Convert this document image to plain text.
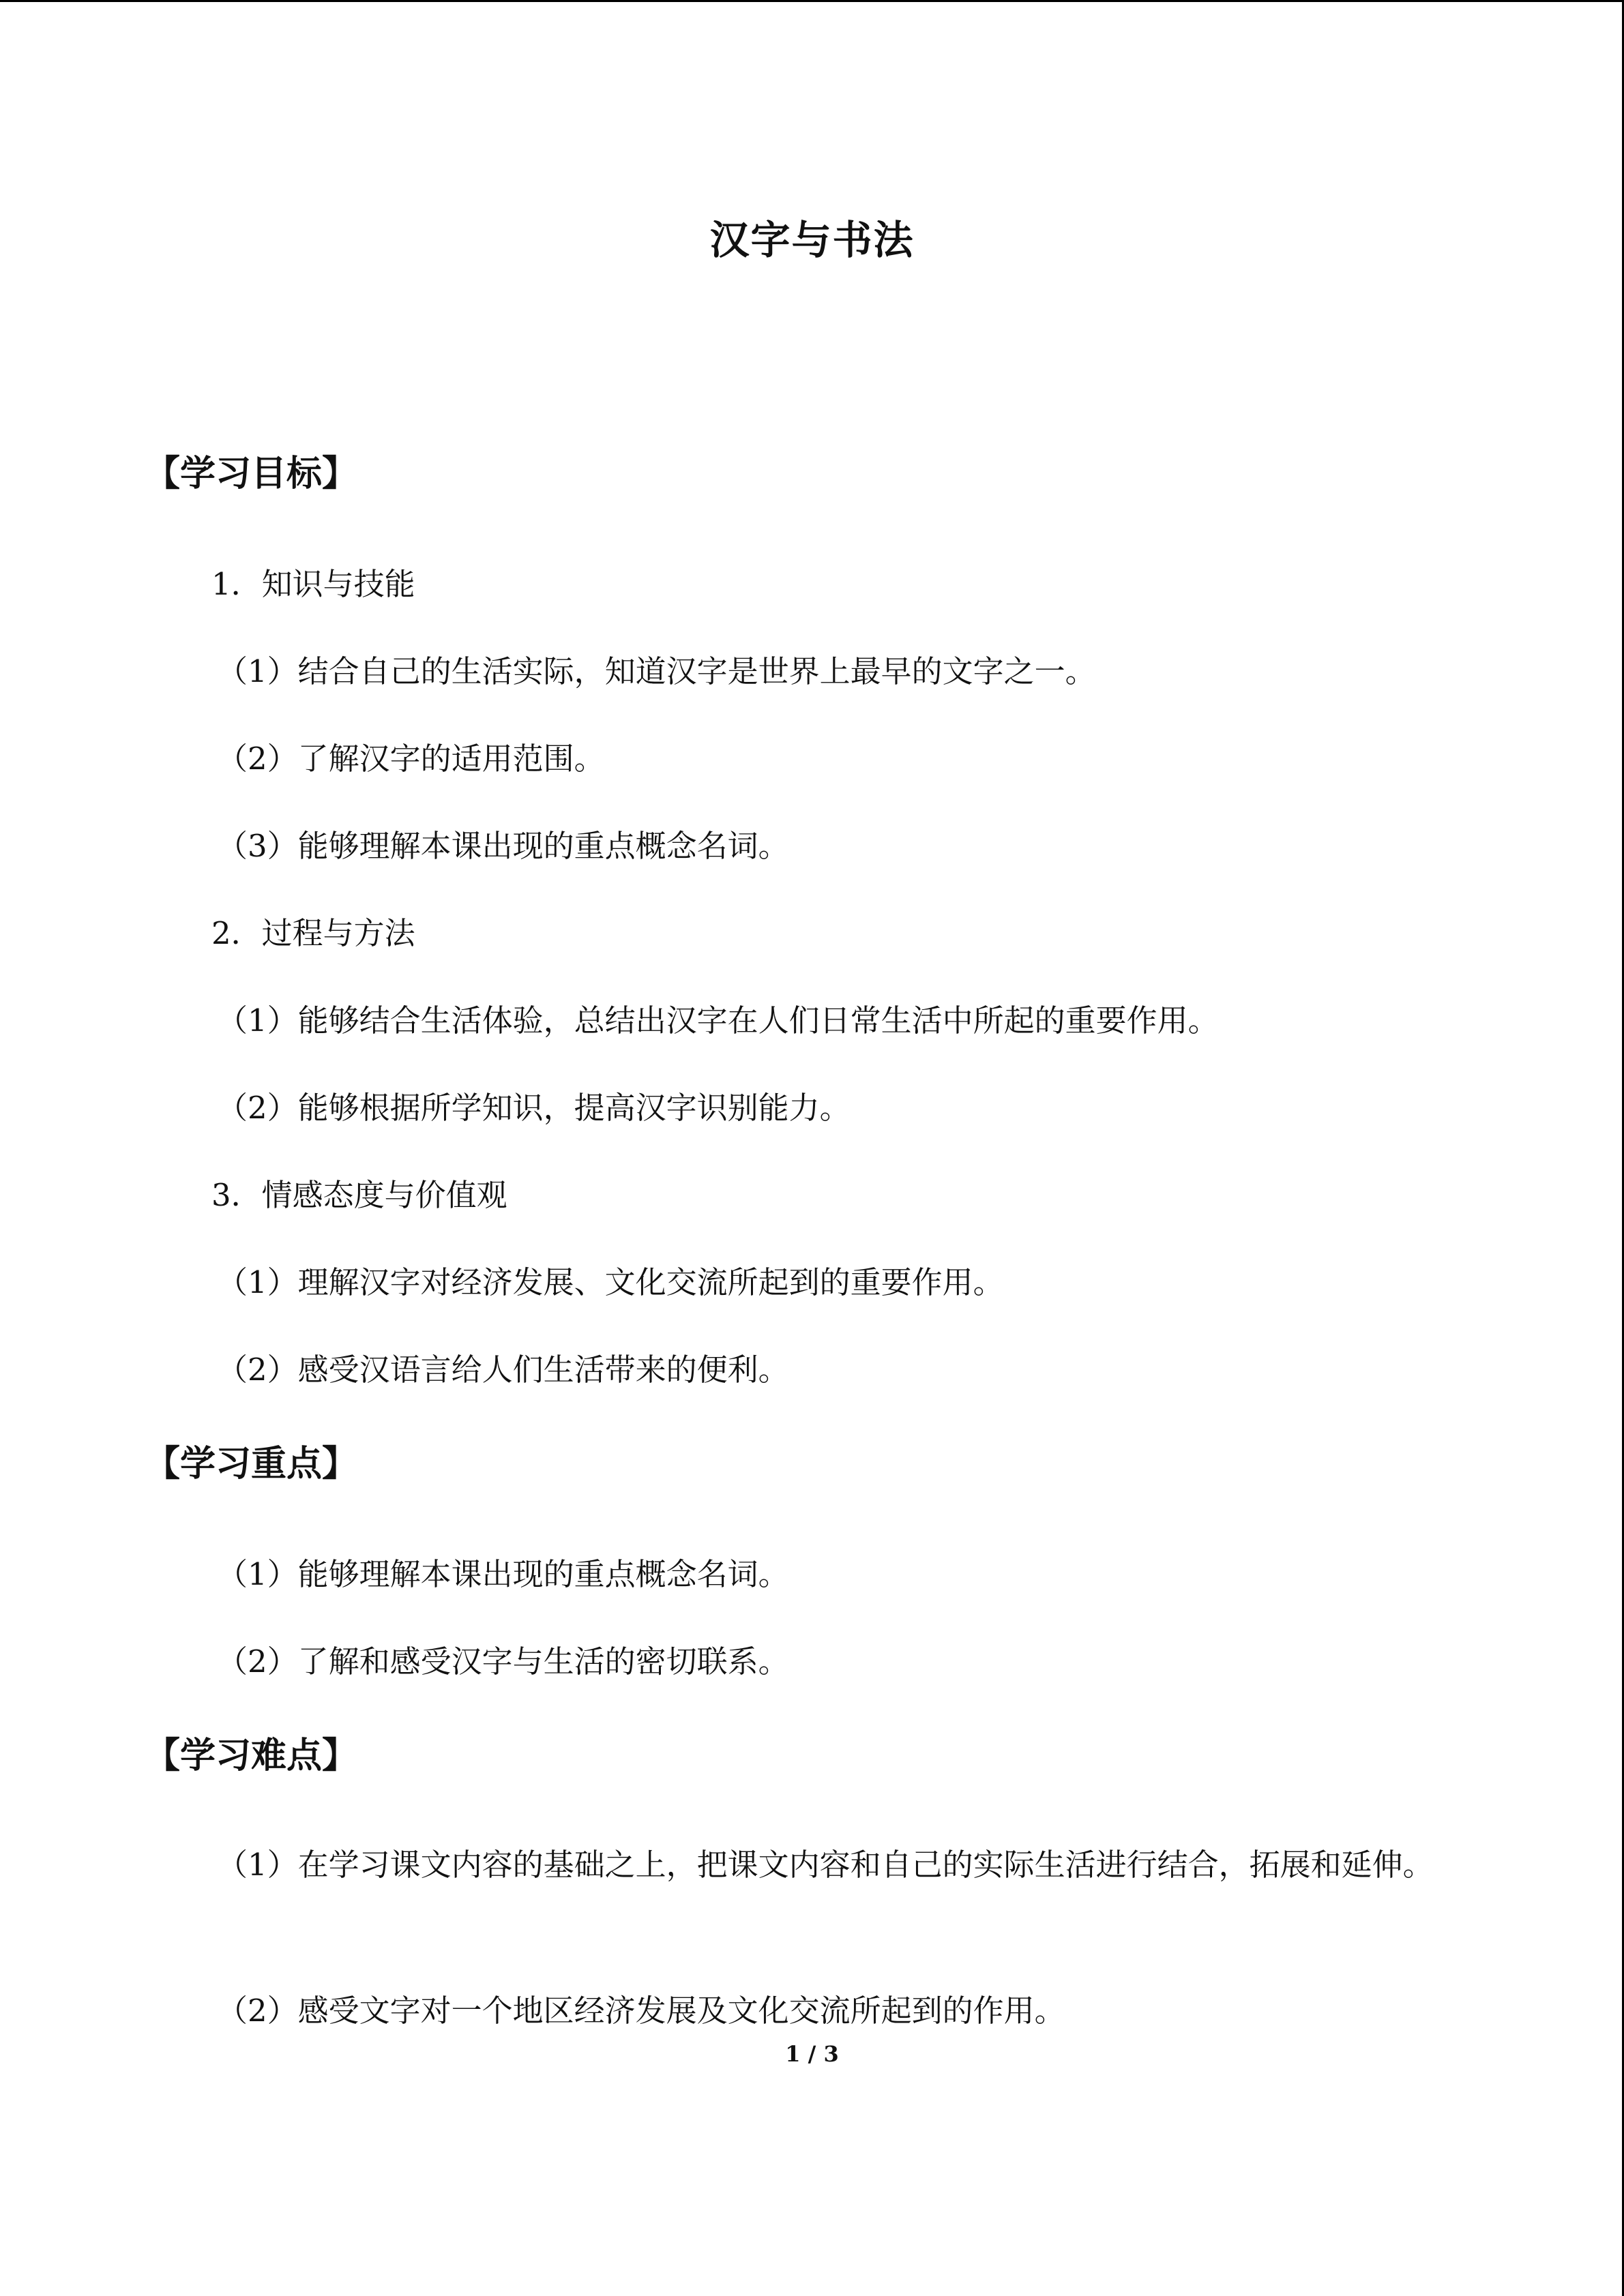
汉字与书法
【学习目标】
1．知识与技能
（1）结合自己的生活实际，知道汉字是世界上最早的文字之一。
（2）了解汉字的适用范围。
（3）能够理解本课出现的重点概念名词。
2．过程与方法
（1）能够结合生活体验，总结出汉字在人们日常生活中所起的重要作用。
（2）能够根据所学知识，提高汉字识别能力。
3．情感态度与价值观
（1）理解汉字对经济发展、文化交流所起到的重要作用。
（2）感受汉语言给人们生活带来的便利。
【学习重点】
（1）能够理解本课出现的重点概念名词。
（2）了解和感受汉字与生活的密切联系。
【学习难点】
（1）在学习课文内容的基础之上，把课文内容和自己的实际生活进行结合，拓展和延伸。
（2）感受文字对一个地区经济发展及文化交流所起到的作用。
1 / 3
